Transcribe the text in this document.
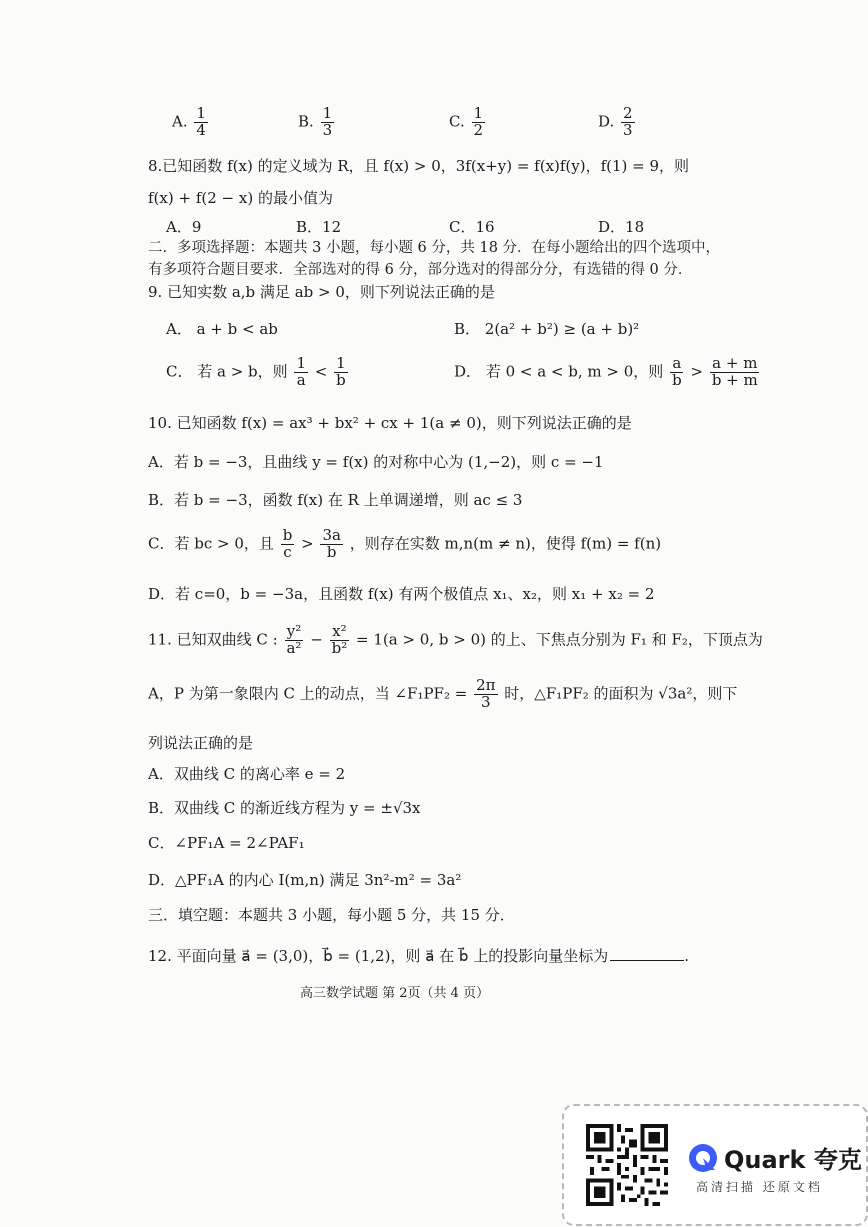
A. $\frac{1}{4}$	B. $\frac{1}{3}$	C. $\frac{1}{2}$	D. $\frac{2}{3}$
8.已知函数 f(x) 的定义域为 R，且 f(x) > 0，3f(x+y) = f(x)f(y)，f(1) = 9，则
f(x) + f(2 − x) 的最小值为
A．9	B．12	C．16	D．18
二．多项选择题：本题共 3 小题，每小题 6 分，共 18 分．在每小题给出的四个选项中，
有多项符合题目要求．全部选对的得 6 分，部分选对的得部分分，有选错的得 0 分．
9. 已知实数 a,b 满足 ab > 0，则下列说法正确的是
A． a + b < ab	B． 2(a² + b²) ≥ (a + b)²
C． 若 a > b，则 $\frac{1}{a} < \frac{1}{b}$	D． 若 0 < a < b, m > 0，则 $\frac{a}{b} > \frac{a + m}{b + m}$
10. 已知函数 f(x) = ax³ + bx² + cx + 1(a ≠ 0)，则下列说法正确的是
A．若 b = −3，且曲线 y = f(x) 的对称中心为 (1,−2)，则 c = −1
B．若 b = −3，函数 f(x) 在 R 上单调递增，则 ac ≤ 3
C．若 bc > 0，且 $\frac{b}{c} > \frac{3a}{b}$ ，则存在实数 m,n(m ≠ n)，使得 f(m) = f(n)
D．若 c=0，b = −3a，且函数 f(x) 有两个极值点 x₁、x₂，则 x₁ + x₂ = 2
11. 已知双曲线 C : $\frac{\text{y²}}{\text{a²}} - \frac{\text{x²}}{\text{b²}} = 1(a > 0$, b > 0) 的上、下焦点分别为 F₁ 和 F₂，下顶点为
A，P 为第一象限内 C 上的动点，当 ∠F₁PF₂ = $\frac{2\pi}{3}$ 时，△F₁PF₂ 的面积为 √3a²，则下
列说法正确的是
A．双曲线 C 的离心率 e = 2
B．双曲线 C 的渐近线方程为 y = ±√3x
C．∠PF₁A = 2∠PAF₁
D．△PF₁A 的内心 I(m,n) 满足 3n²-m² = 3a²
三．填空题：本题共 3 小题，每小题 5 分，共 15 分．
12. 平面向量 a⃗ = (3,0)，b⃗ = (1,2)，则 a⃗ 在 b⃗ 上的投影向量坐标为	.
高三数学试题 第 2页（共 4 页）
Quark 夸克
高清扫描 还原文档
